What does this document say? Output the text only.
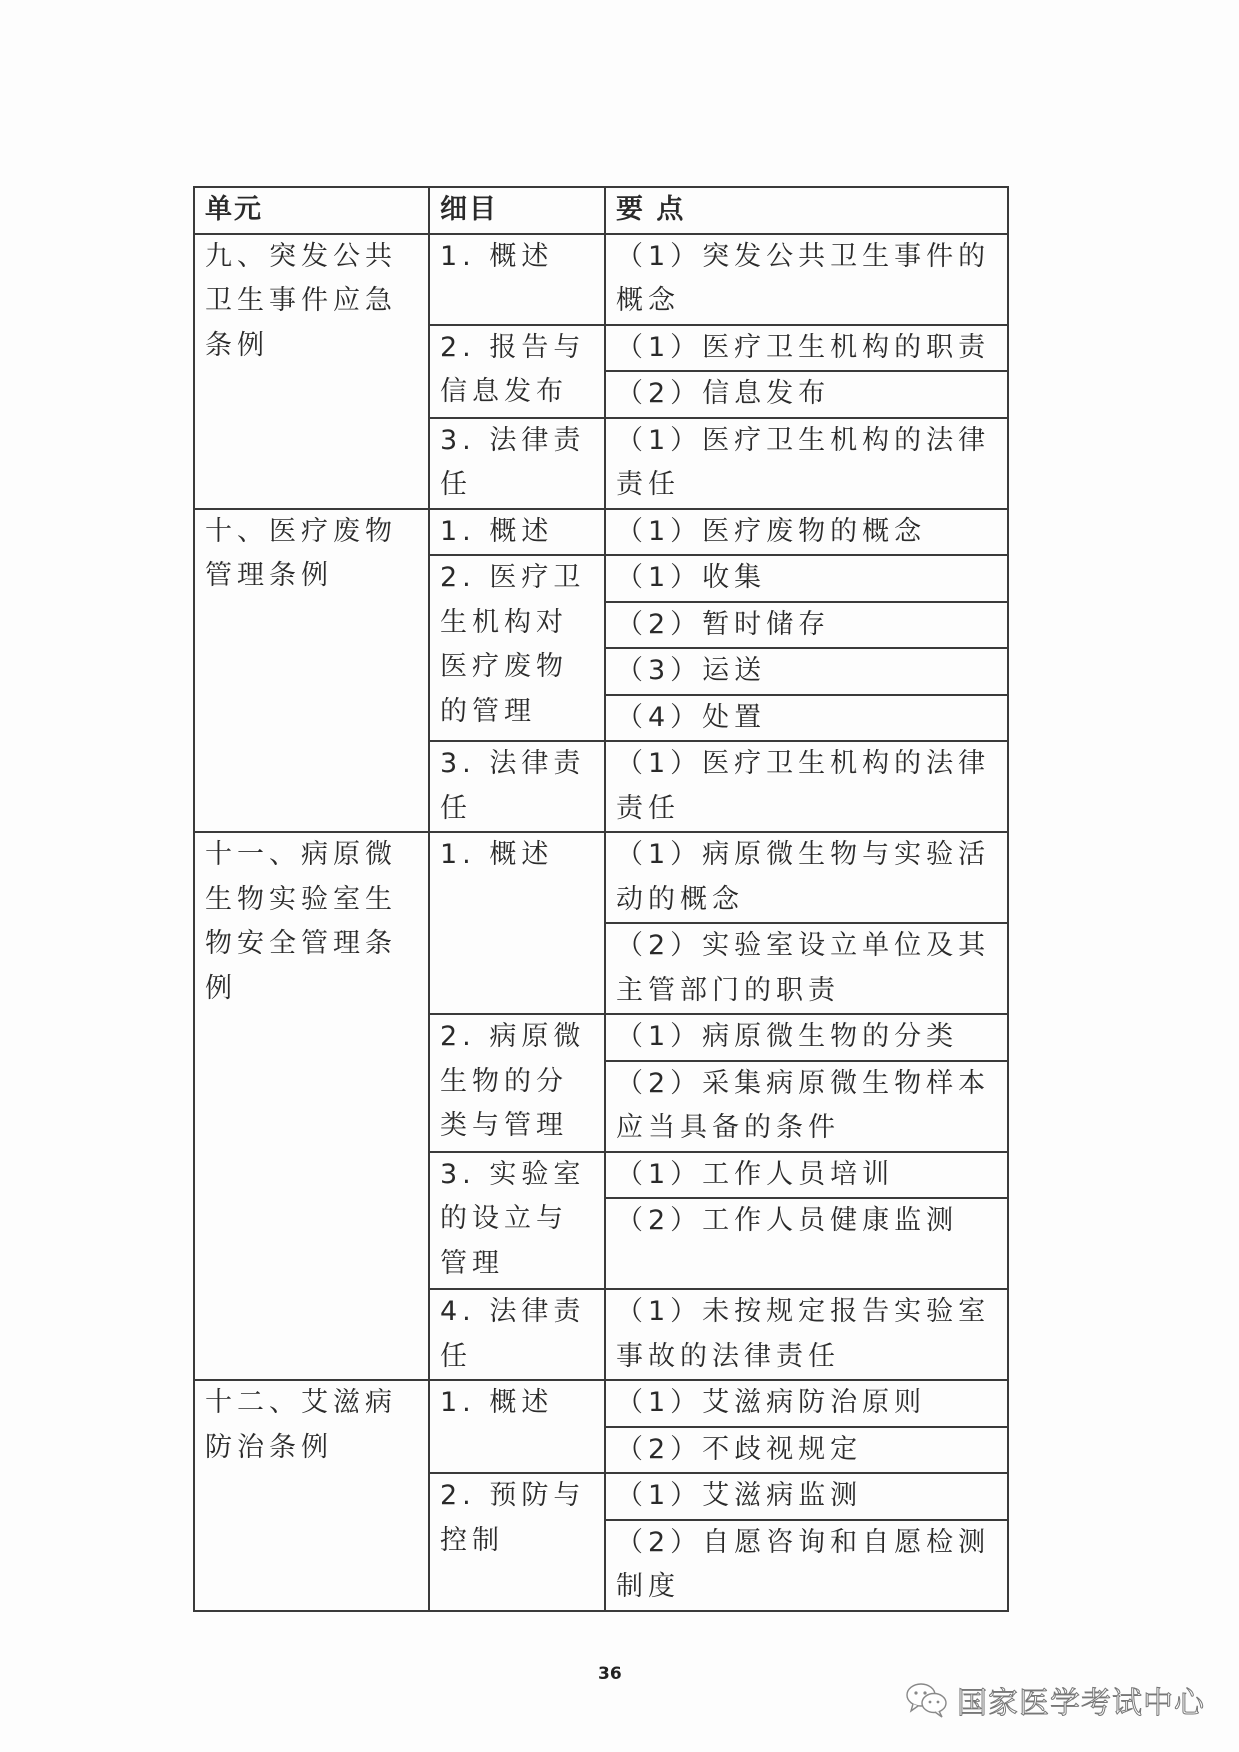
单元	细目	要 点
九、突发公共卫生事件应急条例	1. 概述	（1）突发公共卫生事件的概念
	2. 报告与信息发布	（1）医疗卫生机构的职责
		（2）信息发布
	3. 法律责任	（1）医疗卫生机构的法律责任
十、医疗废物管理条例	1. 概述	（1）医疗废物的概念
	2. 医疗卫生机构对医疗废物的管理	（1）收集
		（2）暂时储存
		（3）运送
		（4）处置
	3. 法律责任	（1）医疗卫生机构的法律责任
十一、病原微生物实验室生物安全管理条例	1. 概述	（1）病原微生物与实验活动的概念
		（2）实验室设立单位及其主管部门的职责
	2. 病原微生物的分类与管理	（1）病原微生物的分类
		（2）采集病原微生物样本应当具备的条件
	3. 实验室的设立与管理	（1）工作人员培训
		（2）工作人员健康监测
	4. 法律责任	（1）未按规定报告实验室事故的法律责任
十二、艾滋病防治条例	1. 概述	（1）艾滋病防治原则
		（2）不歧视规定
	2. 预防与控制	（1）艾滋病监测
		（2）自愿咨询和自愿检测制度
36
国家医学考试中心
